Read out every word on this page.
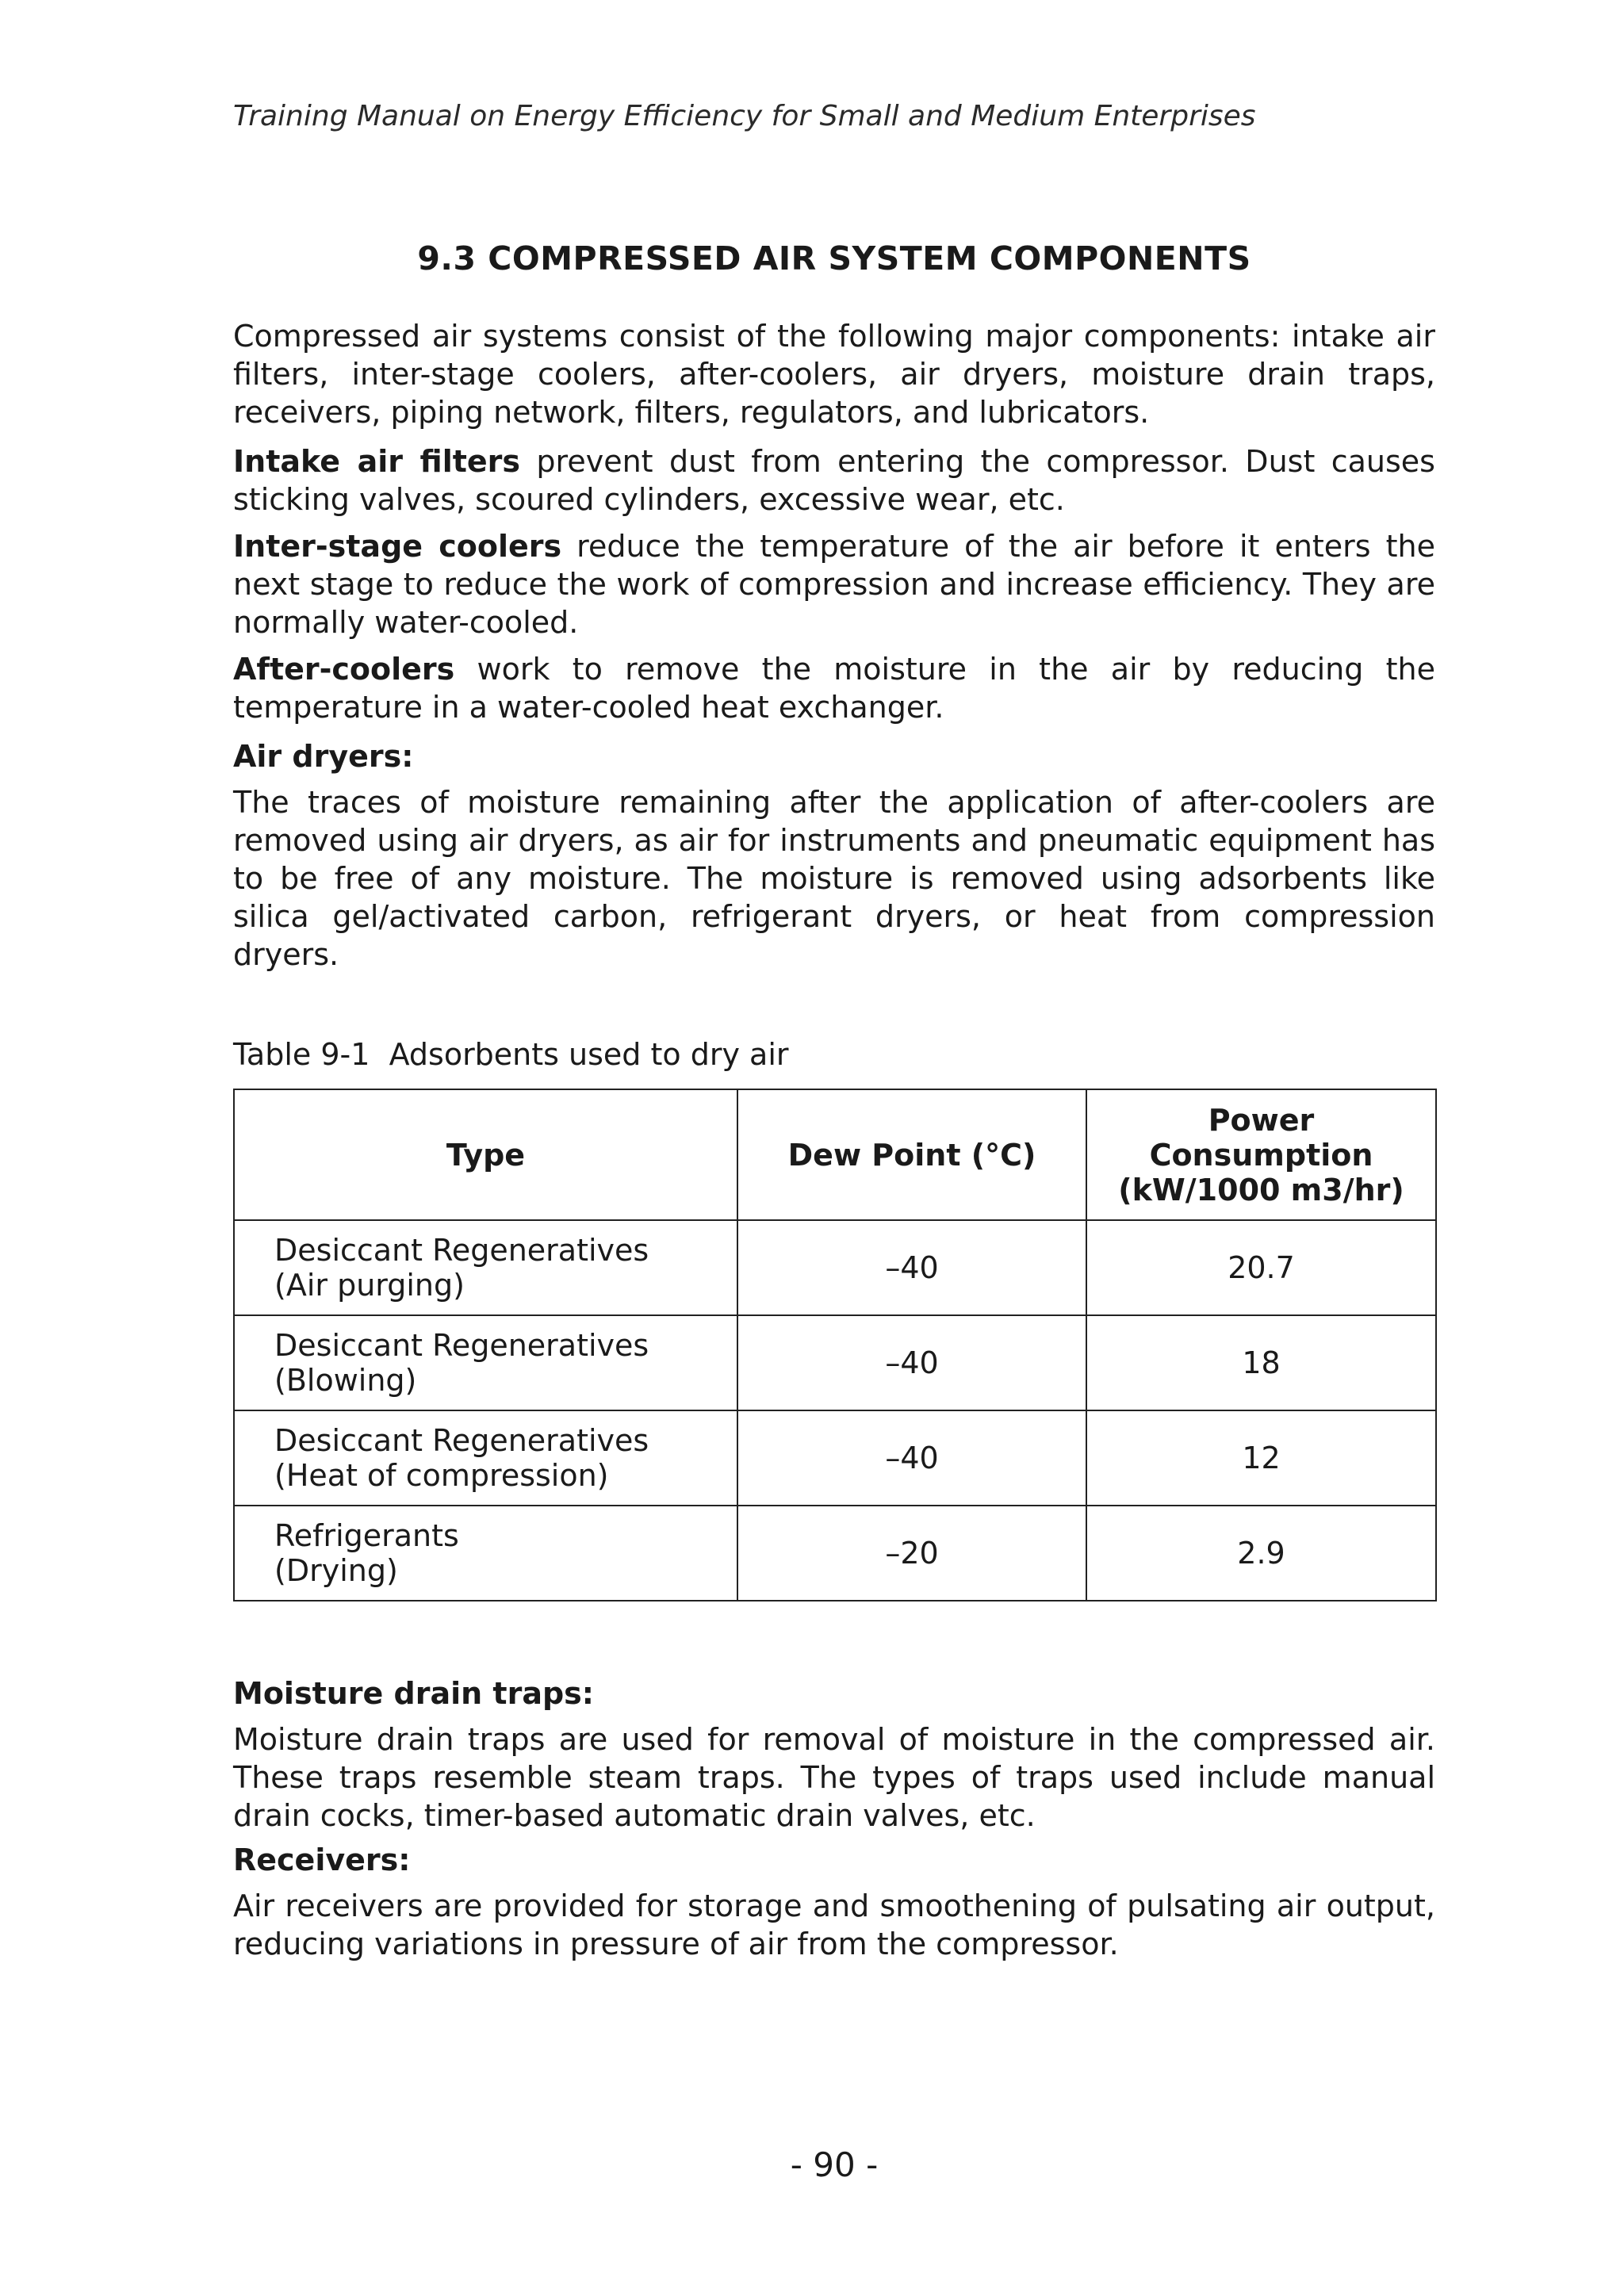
Training Manual on Energy Efficiency for Small and Medium Enterprises
9.3 COMPRESSED AIR SYSTEM COMPONENTS

Compressed air systems consist of the following major components: intake air filters, inter-stage coolers, after-coolers, air dryers, moisture drain traps, receivers, piping network, filters, regulators, and lubricators.

Intake air filters prevent dust from entering the compressor. Dust causes sticking valves, scoured cylinders, excessive wear, etc.

Inter-stage coolers reduce the temperature of the air before it enters the next stage to reduce the work of compression and increase efficiency. They are normally water-cooled.

After-coolers work to remove the moisture in the air by reducing the temperature in a water-cooled heat exchanger.

Air dryers:

The traces of moisture remaining after the application of after-coolers are removed using air dryers, as air for instruments and pneumatic equipment has to be free of any moisture. The moisture is removed using adsorbents like silica gel/activated carbon, refrigerant dryers, or heat from compression dryers.

Table 9-1  Adsorbents used to dry air
Type	Dew Point (°C)	Power
Consumption
(kW/1000 m3/hr)

Desiccant Regeneratives
(Air purging)	–40	20.7

Desiccant Regeneratives
(Blowing)	–40	18

Desiccant Regeneratives
(Heat of compression)	–40	12

Refrigerants
(Drying)	–20	2.9
Moisture drain traps:

Moisture drain traps are used for removal of moisture in the compressed air. These traps resemble steam traps. The types of traps used include manual drain cocks, timer-based automatic drain valves, etc.

Receivers:

Air receivers are provided for storage and smoothening of pulsating air output, reducing variations in pressure of air from the compressor.

- 90 -
